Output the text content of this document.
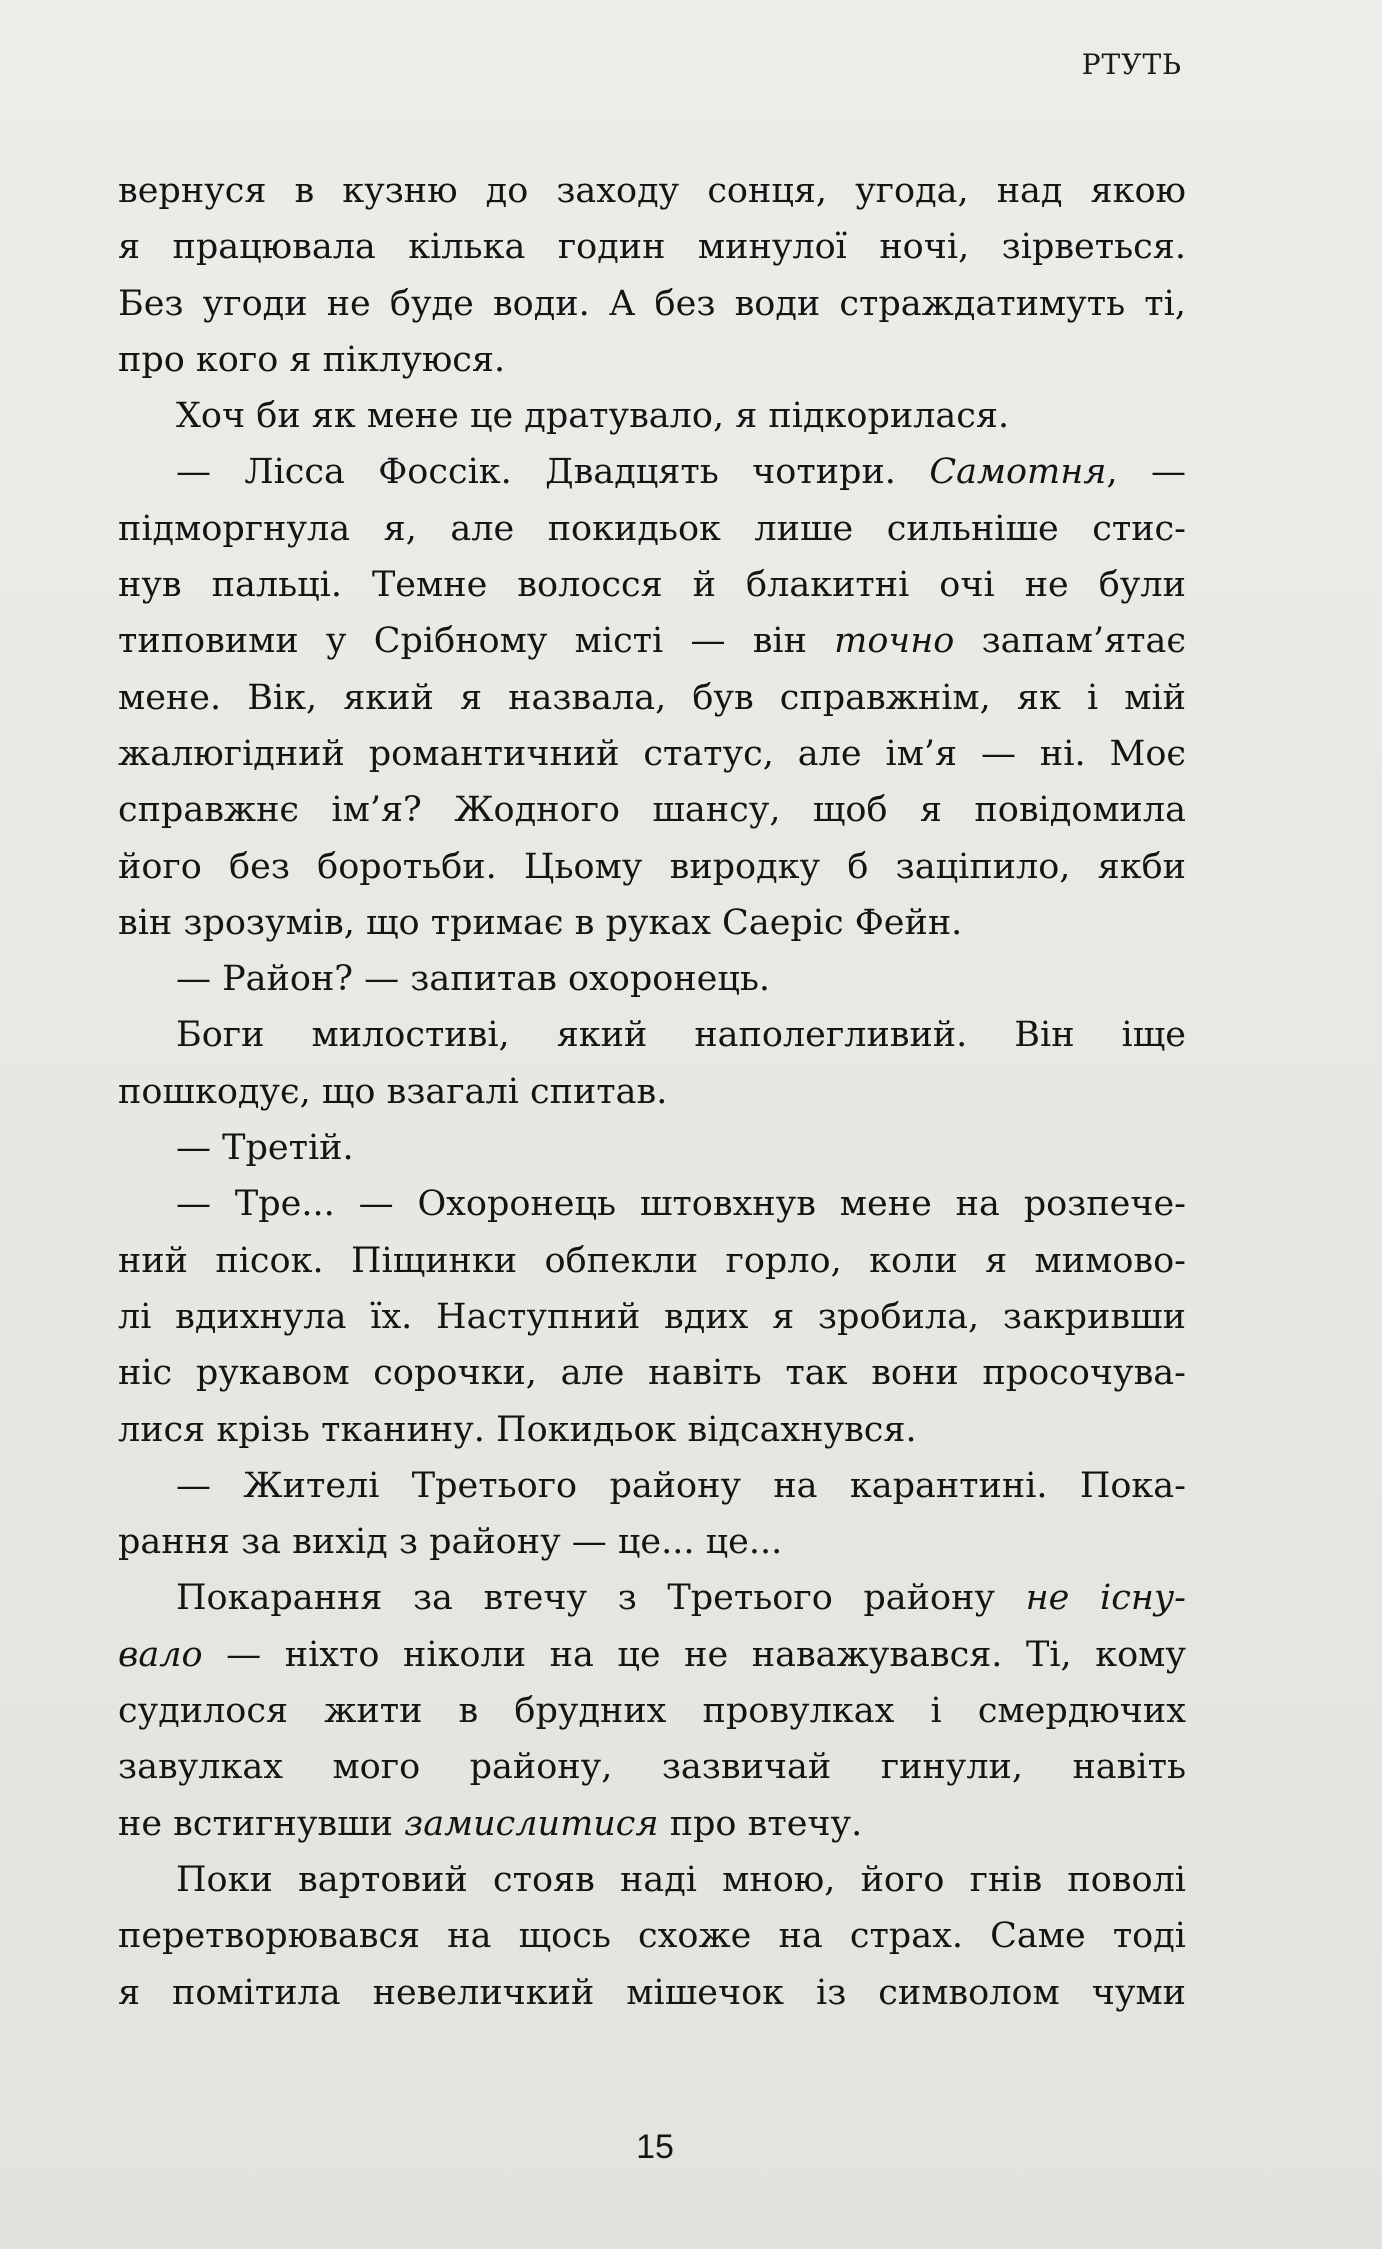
РТУТЬ
вернуся в кузню до заходу сонця, угода, над якою
я працювала кілька годин минулої ночі, зірветься.
Без угоди не буде води. А без води страждатимуть ті,
про кого я піклуюся.
Хоч би як мене це дратувало, я підкорилася.
— Лісса Фоссік. Двадцять чотири. Самотня, —
підморгнула я, але покидьок лише сильніше стис-
нув пальці. Темне волосся й блакитні очі не були
типовими у Срібному місті — він точно запам’ятає
мене. Вік, який я назвала, був справжнім, як і мій
жалюгідний романтичний статус, але ім’я — ні. Моє
справжнє ім’я? Жодного шансу, щоб я повідомила
його без боротьби. Цьому виродку б заціпило, якби
він зрозумів, що тримає в руках Саеріс Фейн.
— Район? — запитав охоронець.
Боги милостиві, який наполегливий. Він іще
пошкодує, що взагалі спитав.
— Третій.
— Тре... — Охоронець штовхнув мене на розпече-
ний пісок. Піщинки обпекли горло, коли я мимово-
лі вдихнула їх. Наступний вдих я зробила, закривши
ніс рукавом сорочки, але навіть так вони просочува-
лися крізь тканину. Покидьок відсахнувся.
— Жителі Третього району на карантині. Пока-
рання за вихід з району — це... це...
Покарання за втечу з Третього району не існу-
вало — ніхто ніколи на це не наважувався. Ті, кому
судилося жити в брудних провулках і смердючих
завулках мого району, зазвичай гинули, навіть
не встигнувши замислитися про втечу.
Поки вартовий стояв наді мною, його гнів поволі
перетворювався на щось схоже на страх. Саме тоді
я помітила невеличкий мішечок із символом чуми
15
